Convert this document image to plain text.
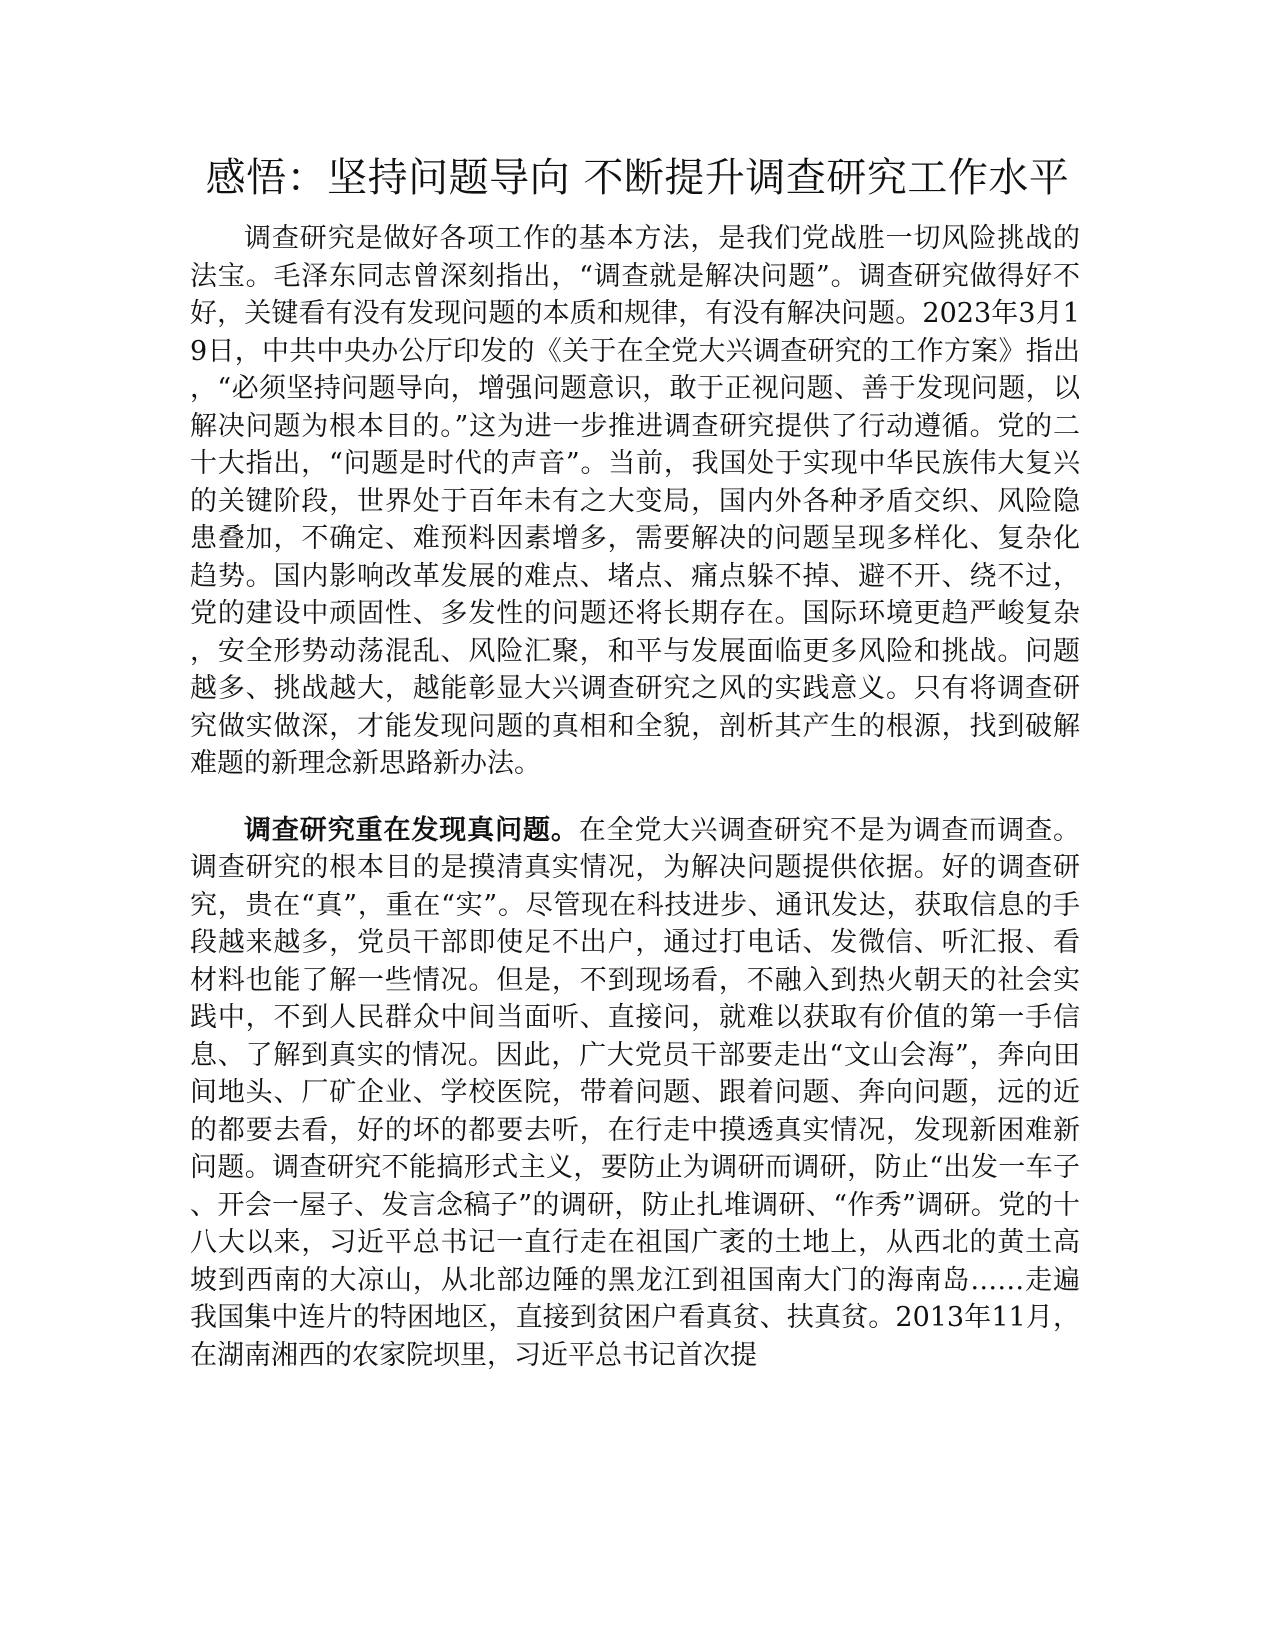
感悟：坚持问题导向 不断提升调查研究工作水平

调查研究是做好各项工作的基本方法，是我们党战胜一切风险挑战的法宝。毛泽东同志曾深刻指出，“调查就是解决问题”。调查研究做得好不好，关键看有没有发现问题的本质和规律，有没有解决问题。2023年3月19日，中共中央办公厅印发的《关于在全党大兴调查研究的工作方案》指出，“必须坚持问题导向，增强问题意识，敢于正视问题、善于发现问题，以解决问题为根本目的。”这为进一步推进调查研究提供了行动遵循。党的二十大指出，“问题是时代的声音”。当前，我国处于实现中华民族伟大复兴的关键阶段，世界处于百年未有之大变局，国内外各种矛盾交织、风险隐患叠加，不确定、难预料因素增多，需要解决的问题呈现多样化、复杂化趋势。国内影响改革发展的难点、堵点、痛点躲不掉、避不开、绕不过，党的建设中顽固性、多发性的问题还将长期存在。国际环境更趋严峻复杂，安全形势动荡混乱、风险汇聚，和平与发展面临更多风险和挑战。问题越多、挑战越大，越能彰显大兴调查研究之风的实践意义。只有将调查研究做实做深，才能发现问题的真相和全貌，剖析其产生的根源，找到破解难题的新理念新思路新办法。

调查研究重在发现真问题。在全党大兴调查研究不是为调查而调查。调查研究的根本目的是摸清真实情况，为解决问题提供依据。好的调查研究，贵在“真”，重在“实”。尽管现在科技进步、通讯发达，获取信息的手段越来越多，党员干部即使足不出户，通过打电话、发微信、听汇报、看材料也能了解一些情况。但是，不到现场看，不融入到热火朝天的社会实践中，不到人民群众中间当面听、直接问，就难以获取有价值的第一手信息、了解到真实的情况。因此，广大党员干部要走出“文山会海”，奔向田间地头、厂矿企业、学校医院，带着问题、跟着问题、奔向问题，远的近的都要去看，好的坏的都要去听，在行走中摸透真实情况，发现新困难新问题。调查研究不能搞形式主义，要防止为调研而调研，防止“出发一车子、开会一屋子、发言念稿子”的调研，防止扎堆调研、“作秀”调研。党的十八大以来，习近平总书记一直行走在祖国广袤的土地上，从西北的黄土高坡到西南的大凉山，从北部边陲的黑龙江到祖国南大门的海南岛……走遍我国集中连片的特困地区，直接到贫困户看真贫、扶真贫。2013年11月，在湖南湘西的农家院坝里，习近平总书记首次提
